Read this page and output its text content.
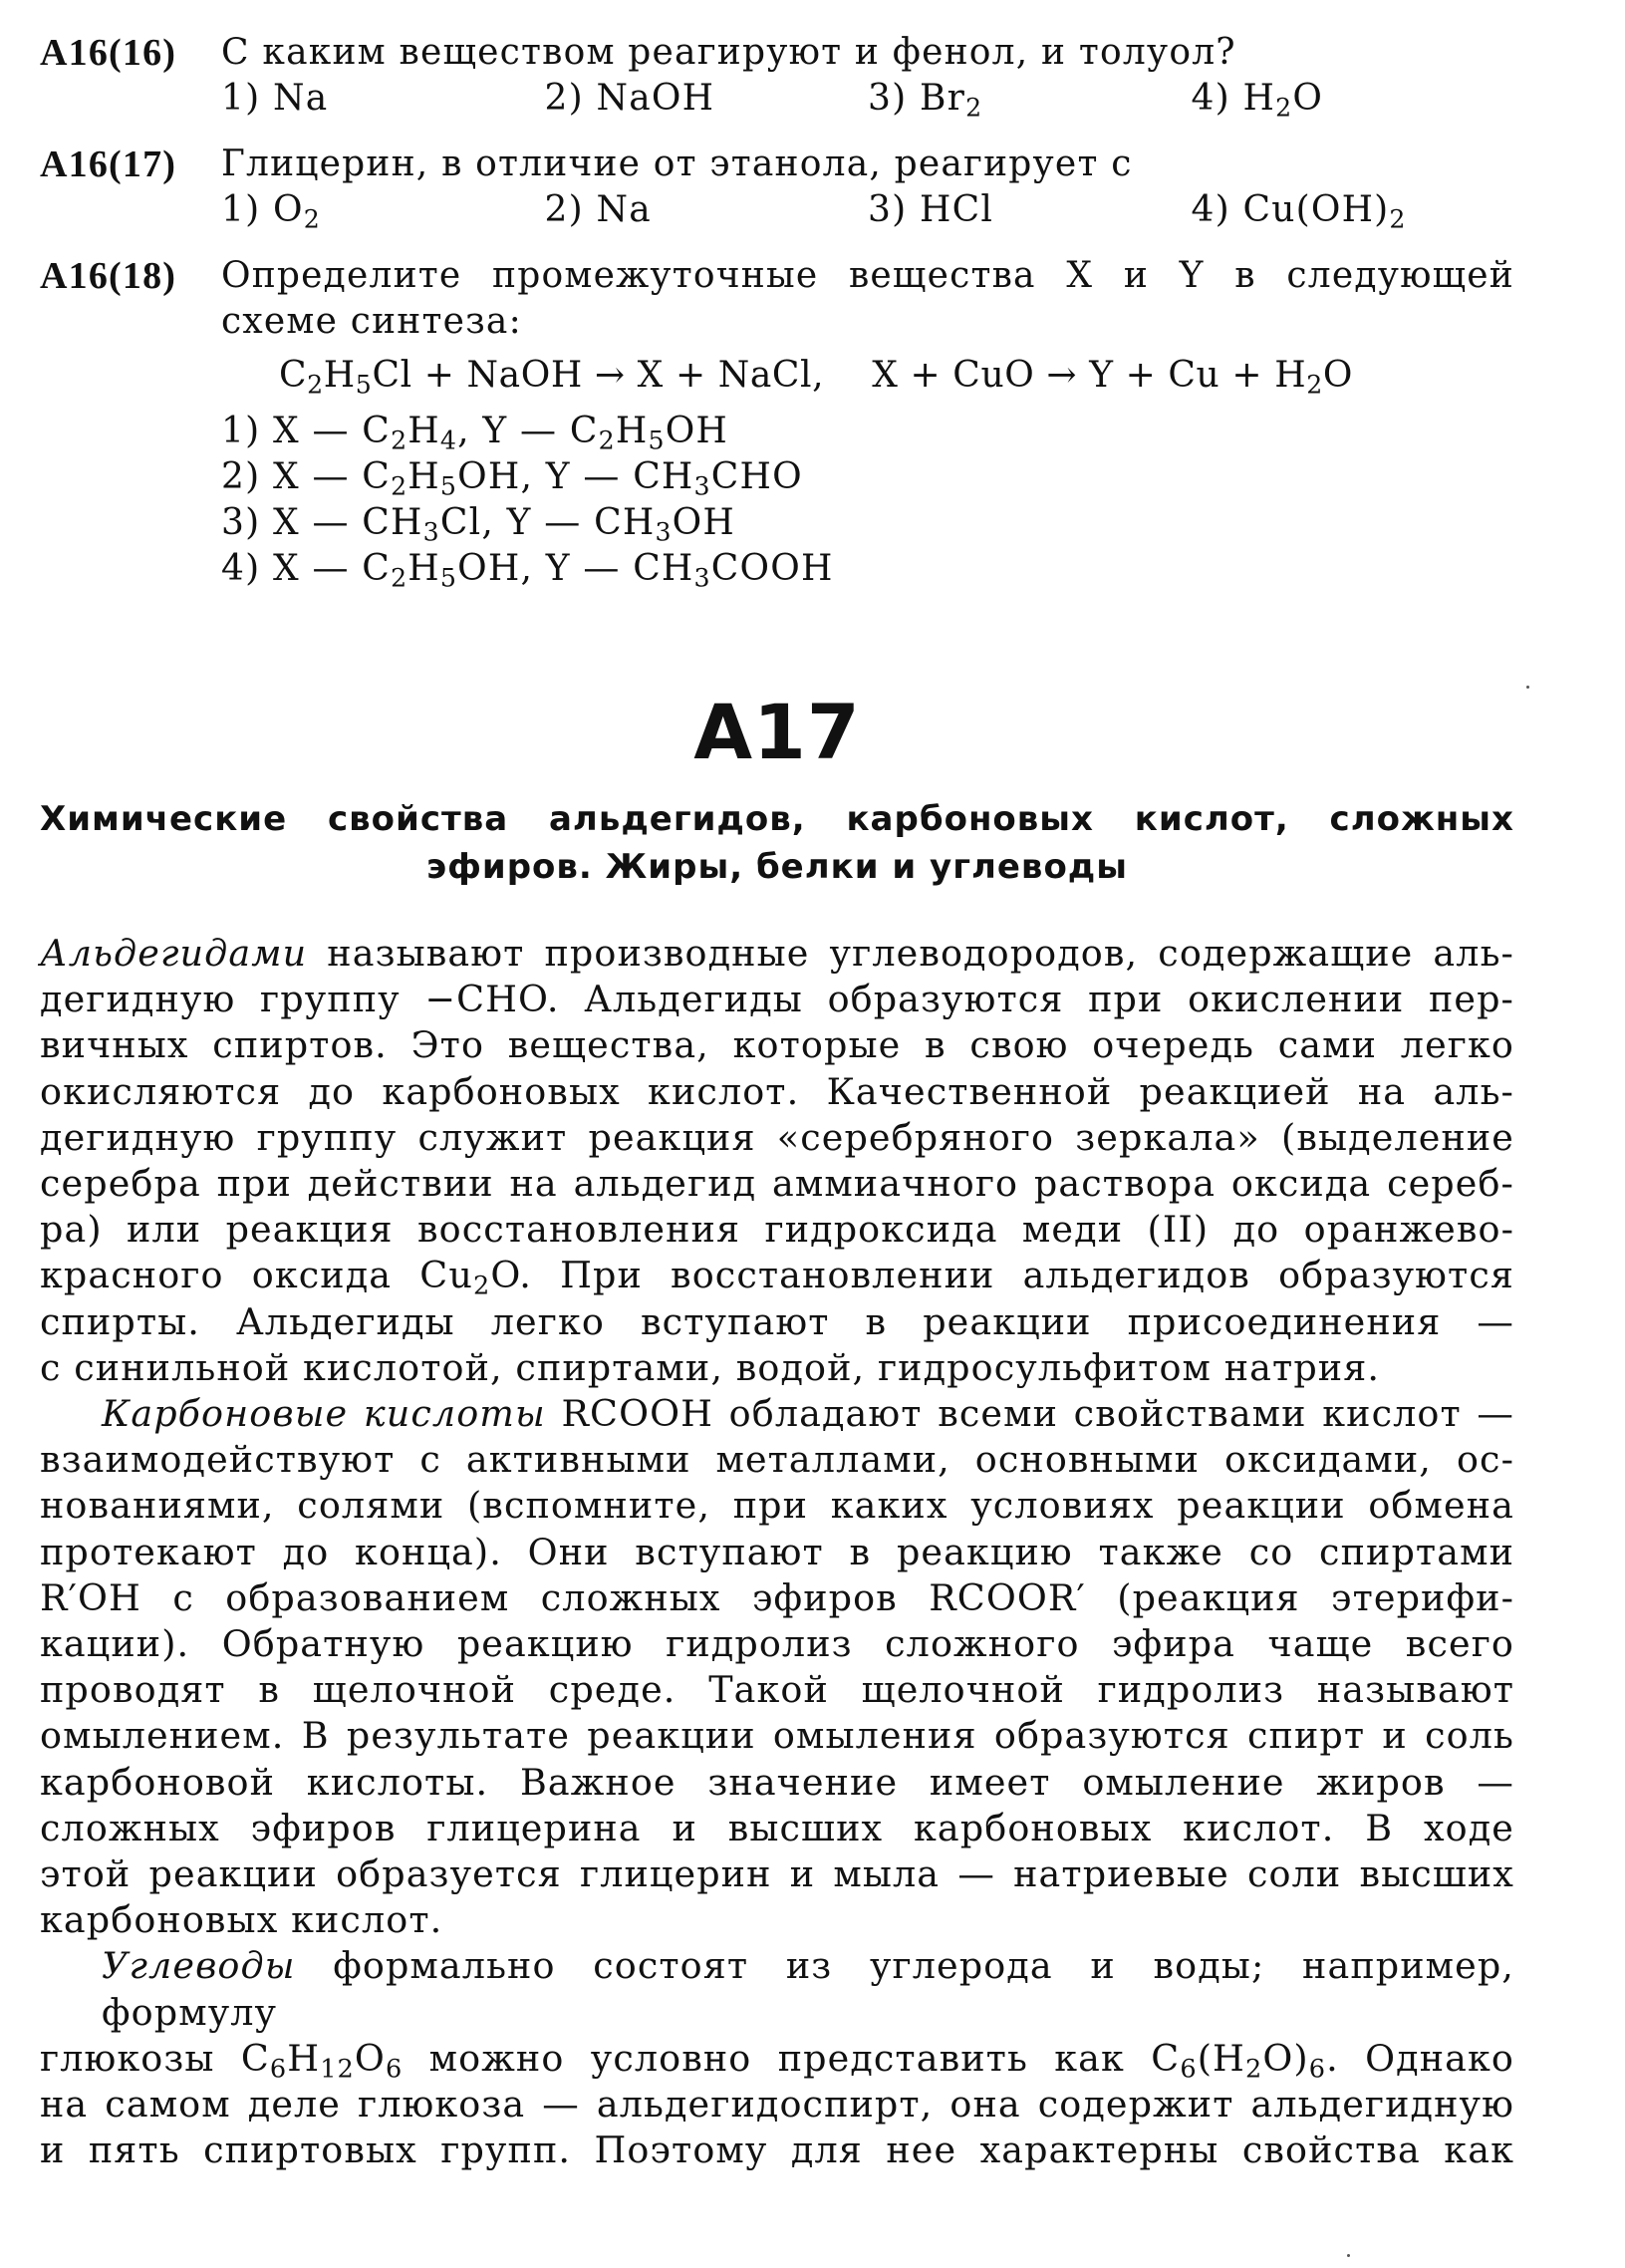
А16(16) С каким веществом реагируют и фенол, и толуол?
1) Na	2) NaOH	3) $Br_2$	4) $H_2O$
А16(17) Глицерин, в отличие от этанола, реагирует с
1) $O_2$	2) Na	3) HCl	4) $Cu(OH)_2$
А16(18) Определите промежуточные вещества X и Y в следующей
схеме синтеза:
$C_2H_5Cl$ + NaOH → X + NaCl, X + CuO → $Y + Cu + H_2O$
1) X — $C_2H_4$, Y — $C_2H_5OH$
2) X — $C_2H_5OH$, Y — $CH_3CHO$
3) X — $CH_3Cl$, Y — $CH_3OH$
4) X — $C_2H_5OH$, Y — $CH_3COOH$
А17
Химические свойства альдегидов, карбоновых кислот, сложных
эфиров. Жиры, белки и углеводы
Альдегидами называют производные углеводородов, содержащие аль-
дегидную группу −CHO. Альдегиды образуются при окислении пер-
вичных спиртов. Это вещества, которые в свою очередь сами легко
окисляются до карбоновых кислот. Качественной реакцией на аль-
дегидную группу служит реакция «серебряного зеркала» (выделение
серебра при действии на альдегид аммиачного раствора оксида сереб-
ра) или реакция восстановления гидроксида меди (II) до оранжево-
красного оксида $Cu_2O$. При восстановлении альдегидов образуются
спирты. Альдегиды легко вступают в реакции присоединения —
с синильной кислотой, спиртами, водой, гидросульфитом натрия.
Карбоновые кислоты RCOOH обладают всеми свойствами кислот —
взаимодействуют с активными металлами, основными оксидами, ос-
нованиями, солями (вспомните, при каких условиях реакции обмена
протекают до конца). Они вступают в реакцию также со спиртами
R′OH с образованием сложных эфиров RCOOR′ (реакция этерифи-
кации). Обратную реакцию гидролиз сложного эфира чаще всего
проводят в щелочной среде. Такой щелочной гидролиз называют
омылением. В результате реакции омыления образуются спирт и соль
карбоновой кислоты. Важное значение имеет омыление жиров —
сложных эфиров глицерина и высших карбоновых кислот. В ходе
этой реакции образуется глицерин и мыла — натриевые соли высших
карбоновых кислот.
Углеводы формально состоят из углерода и воды; например, формулу
глюкозы $C_6H_{12}O_6$ можно условно представить как $C_6(H_2O)_6$. Однако
на самом деле глюкоза — альдегидоспирт, она содержит альдегидную
и пять спиртовых групп. Поэтому для нее характерны свойства как
